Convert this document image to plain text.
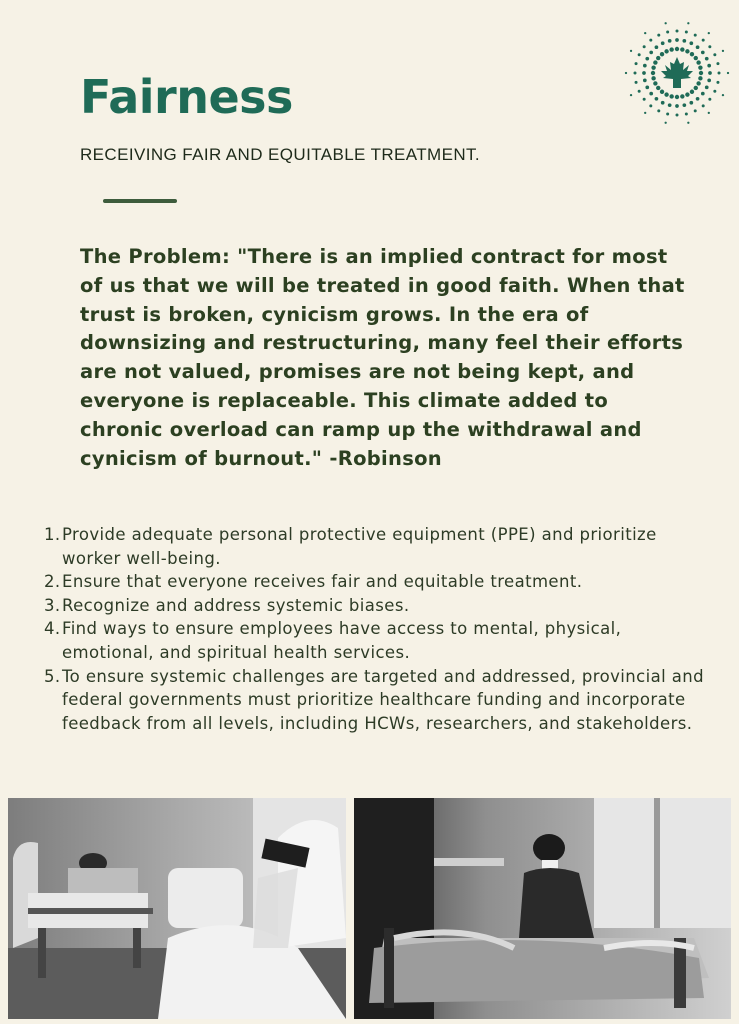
Fairness

RECEIVING FAIR AND EQUITABLE TREATMENT.

The Problem: "There is an implied contract for most of us that we will be treated in good faith. When that trust is broken, cynicism grows. In the era of downsizing and restructuring, many feel their efforts are not valued, promises are not being kept, and everyone is replaceable. This climate added to chronic overload can ramp up the withdrawal and cynicism of burnout." -Robinson

1. Provide adequate personal protective equipment (PPE) and prioritize worker well-being.
2. Ensure that everyone receives fair and equitable treatment.
3. Recognize and address systemic biases.
4. Find ways to ensure employees have access to mental, physical, emotional, and spiritual health services.
5. To ensure systemic challenges are targeted and addressed, provincial and federal governments must prioritize healthcare funding and incorporate feedback from all levels, including HCWs, researchers, and stakeholders.
